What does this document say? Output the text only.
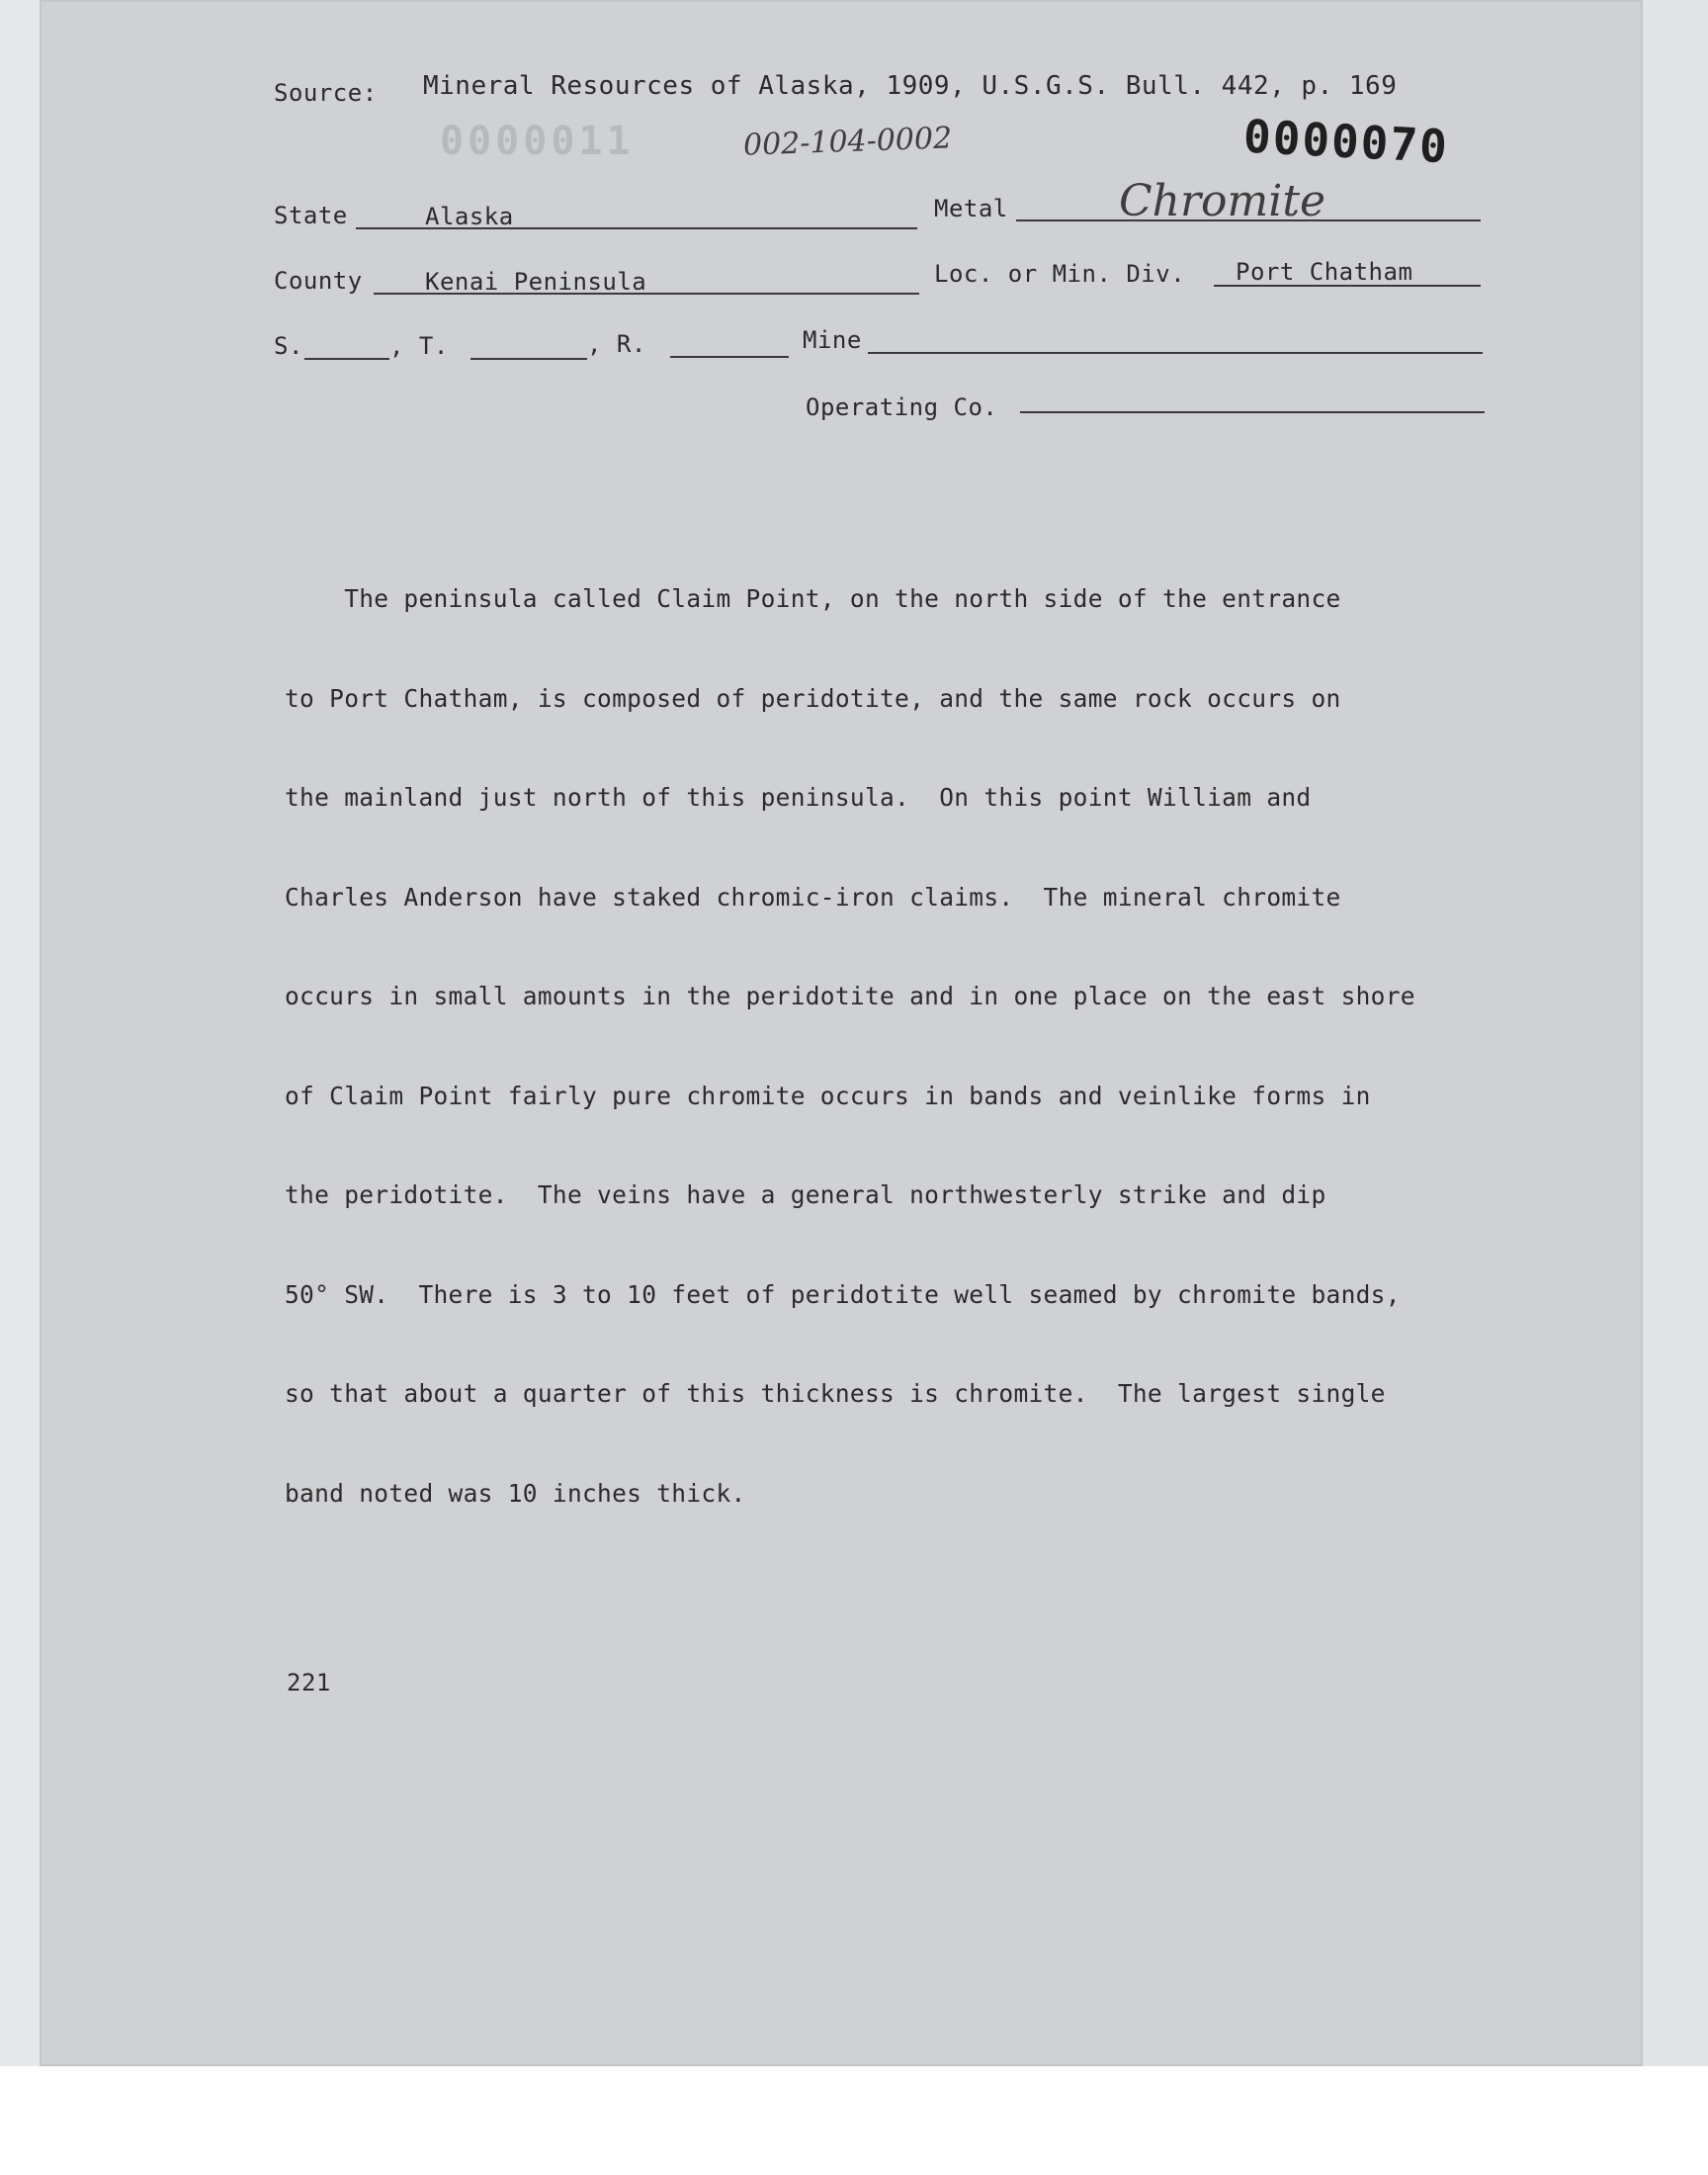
Source: Mineral Resources of Alaska, 1909, U.S.G.S. Bull. 442, p. 169
0000011	002-104-0002	0000070
State	Alaska	Metal	Chromite
County	Kenai Peninsula	Loc. or Min. Div. Port Chatham
S.	, T.	, R.	Mine
Operating Co.

The peninsula called Claim Point, on the north side of the entrance

to Port Chatham, is composed of peridotite, and the same rock occurs on

the mainland just north of this peninsula.  On this point William and

Charles Anderson have staked chromic-iron claims.  The mineral chromite

occurs in small amounts in the peridotite and in one place on the east shore

of Claim Point fairly pure chromite occurs in bands and veinlike forms in

the peridotite.  The veins have a general northwesterly strike and dip

50° SW.  There is 3 to 10 feet of peridotite well seamed by chromite bands,

so that about a quarter of this thickness is chromite.  The largest single

band noted was 10 inches thick.

221
